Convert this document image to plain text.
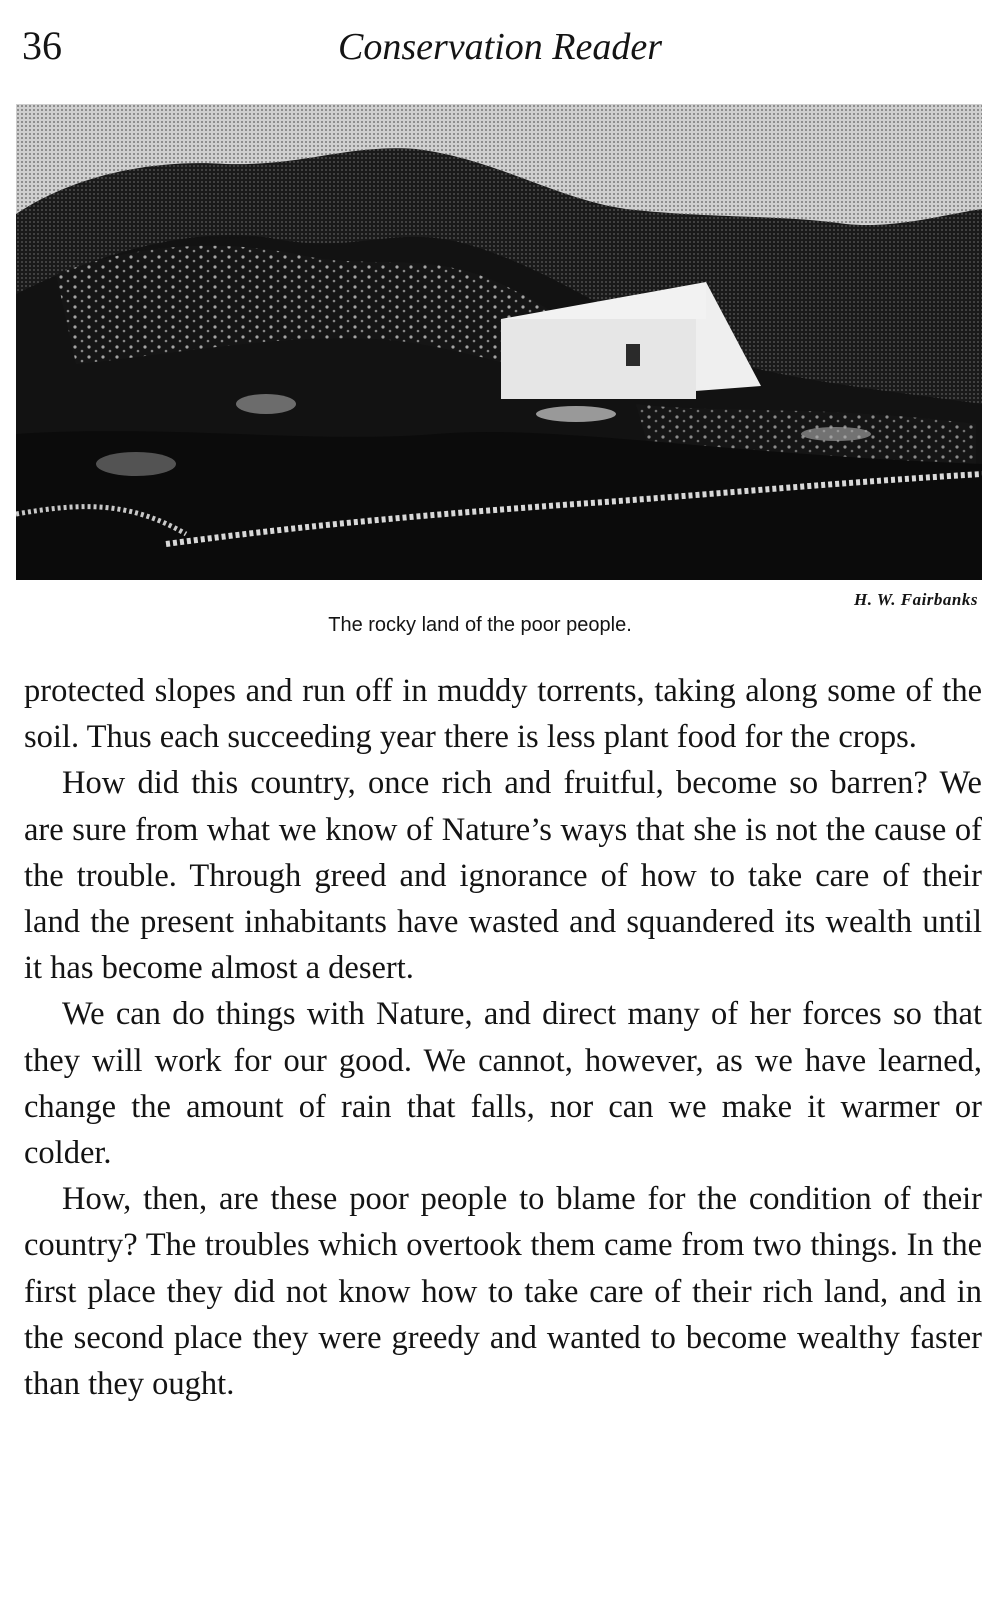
36	Conservation Reader
H. W. Fairbanks
The rocky land of the poor people.

protected slopes and run off in muddy torrents, taking along some of the soil. Thus each succeeding year there is less plant food for the crops.

How did this country, once rich and fruitful, become so barren? We are sure from what we know of Nature’s ways that she is not the cause of the trouble. Through greed and ignorance of how to take care of their land the present inhabitants have wasted and squandered its wealth until it has become almost a desert.

We can do things with Nature, and direct many of her forces so that they will work for our good. We cannot, however, as we have learned, change the amount of rain that falls, nor can we make it warmer or colder.

How, then, are these poor people to blame for the condition of their country? The troubles which overtook them came from two things. In the first place they did not know how to take care of their rich land, and in the second place they were greedy and wanted to become wealthy faster than they ought.
